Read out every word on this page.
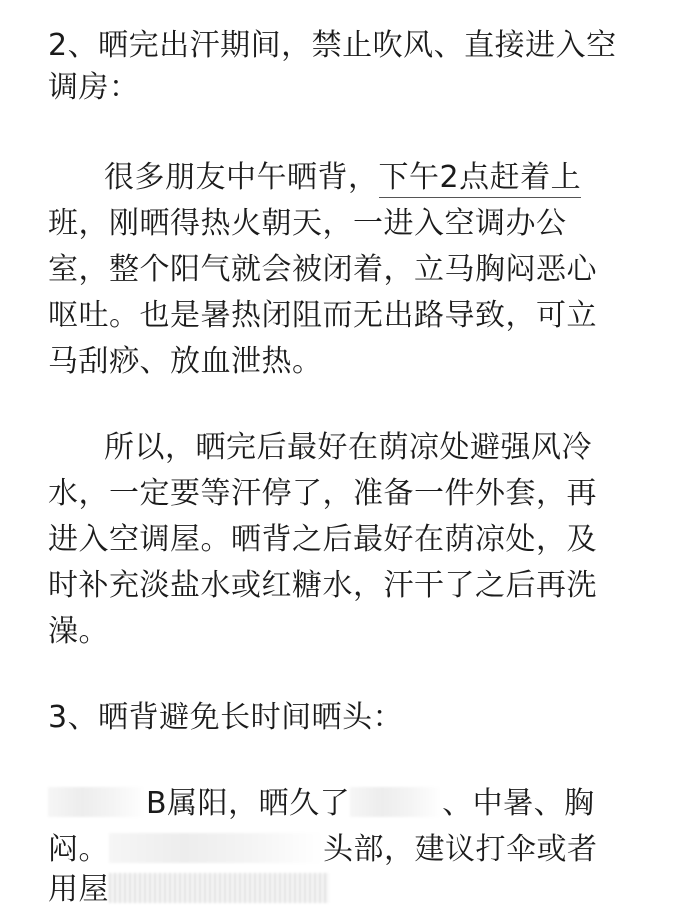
2、晒完出汗期间，禁止吹风、直接进入空
调房：
很多朋友中午晒背，下午2点赶着上
班，刚晒得热火朝天，一进入空调办公
室，整个阳气就会被闭着，立马胸闷恶心
呕吐。也是暑热闭阻而无出路导致，可立
马刮痧、放血泄热。
所以，晒完后最好在荫凉处避强风冷
水，一定要等汗停了，准备一件外套，再
进入空调屋。晒背之后最好在荫凉处，及
时补充淡盐水或红糖水，汗干了之后再洗
澡。
3、晒背避免长时间晒头：
B属阳，晒久了	、中暑、胸
闷。	头部，建议打伞或者
用屋
